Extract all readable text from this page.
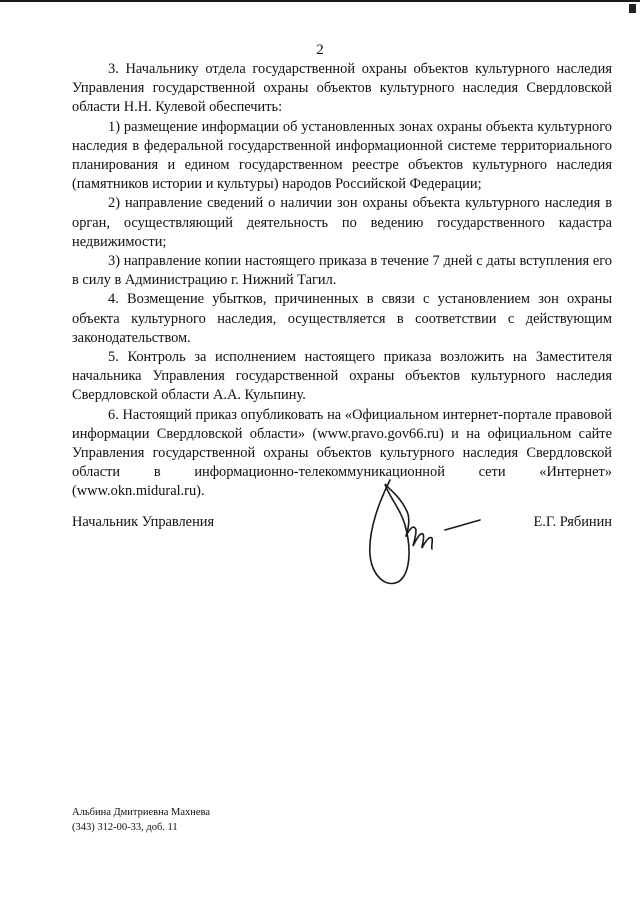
2

3. Начальнику отдела государственной охраны объектов культурного наследия Управления государственной охраны объектов культурного наследия Свердловской области Н.Н. Кулевой обеспечить:

1) размещение информации об установленных зонах охраны объекта культурного наследия в федеральной государственной информационной системе территориального планирования и едином государственном реестре объектов культурного наследия (памятников истории и культуры) народов Российской Федерации;

2) направление сведений о наличии зон охраны объекта культурного наследия в орган, осуществляющий деятельность по ведению государственного кадастра недвижимости;

3) направление копии настоящего приказа в течение 7 дней с даты вступления его в силу в Администрацию г. Нижний Тагил.

4. Возмещение убытков, причиненных в связи с установлением зон охраны объекта культурного наследия, осуществляется в соответствии с действующим законодательством.

5. Контроль за исполнением настоящего приказа возложить на Заместителя начальника Управления государственной охраны объектов культурного наследия Свердловской области А.А. Кульпину.

6. Настоящий приказ опубликовать на «Официальном интернет-портале правовой информации Свердловской области» (www.pravo.gov66.ru) и на официальном сайте Управления государственной охраны объектов культурного наследия Свердловской области в информационно-телекоммуникационной сети «Интернет» (www.okn.midural.ru).

Начальник Управления	Е.Г. Рябинин
Альбина Дмитриевна Махнева
(343) 312-00-33, доб. 11
